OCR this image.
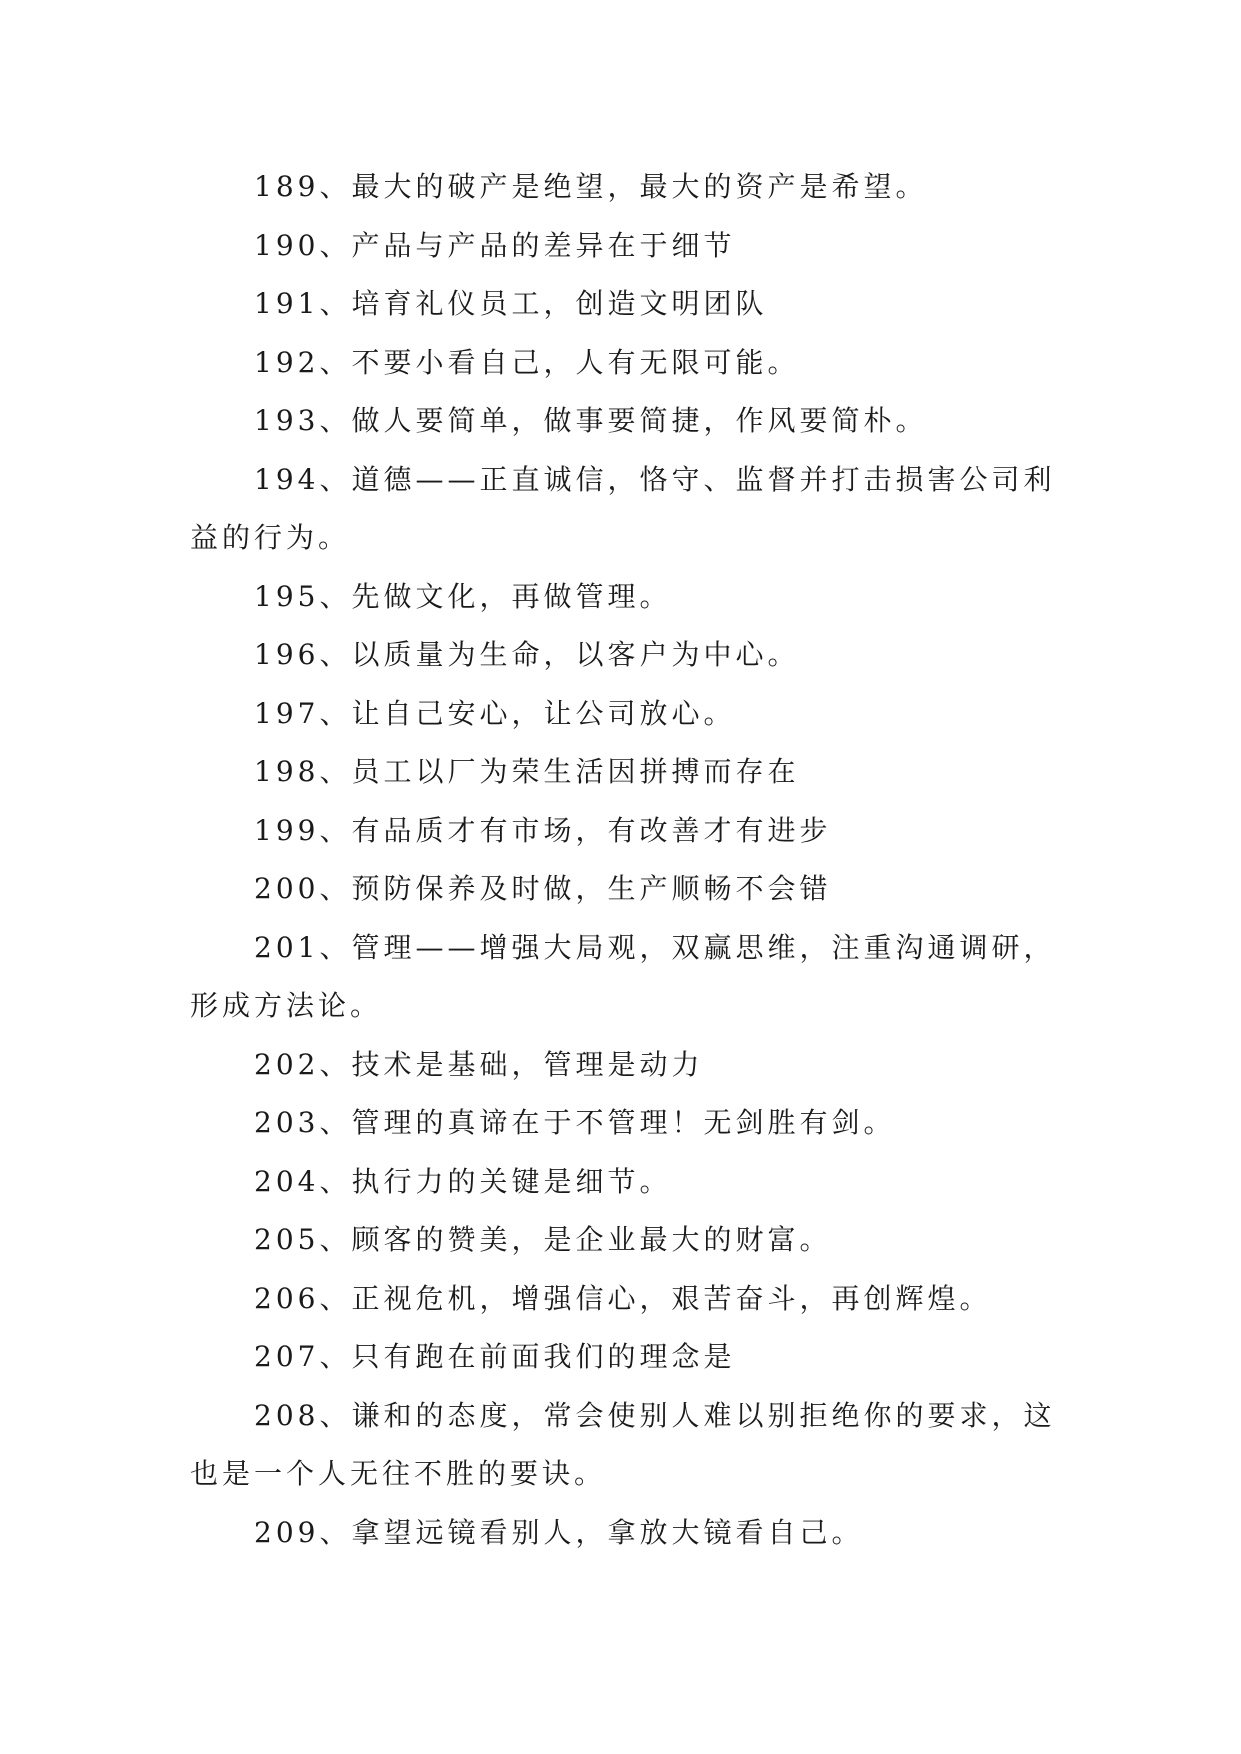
189、最大的破产是绝望，最大的资产是希望。

190、产品与产品的差异在于细节

191、培育礼仪员工，创造文明团队

192、不要小看自己，人有无限可能。

193、做人要简单，做事要简捷，作风要简朴。

194、道德——正直诚信，恪守、监督并打击损害公司利益的行为。

195、先做文化，再做管理。

196、以质量为生命，以客户为中心。

197、让自己安心，让公司放心。

198、员工以厂为荣生活因拼搏而存在

199、有品质才有市场，有改善才有进步

200、预防保养及时做，生产顺畅不会错

201、管理——增强大局观，双赢思维，注重沟通调研，形成方法论。

202、技术是基础，管理是动力

203、管理的真谛在于不管理！无剑胜有剑。

204、执行力的关键是细节。

205、顾客的赞美，是企业最大的财富。

206、正视危机，增强信心，艰苦奋斗，再创辉煌。

207、只有跑在前面我们的理念是

208、谦和的态度，常会使别人难以别拒绝你的要求，这也是一个人无往不胜的要诀。

209、拿望远镜看别人，拿放大镜看自己。
